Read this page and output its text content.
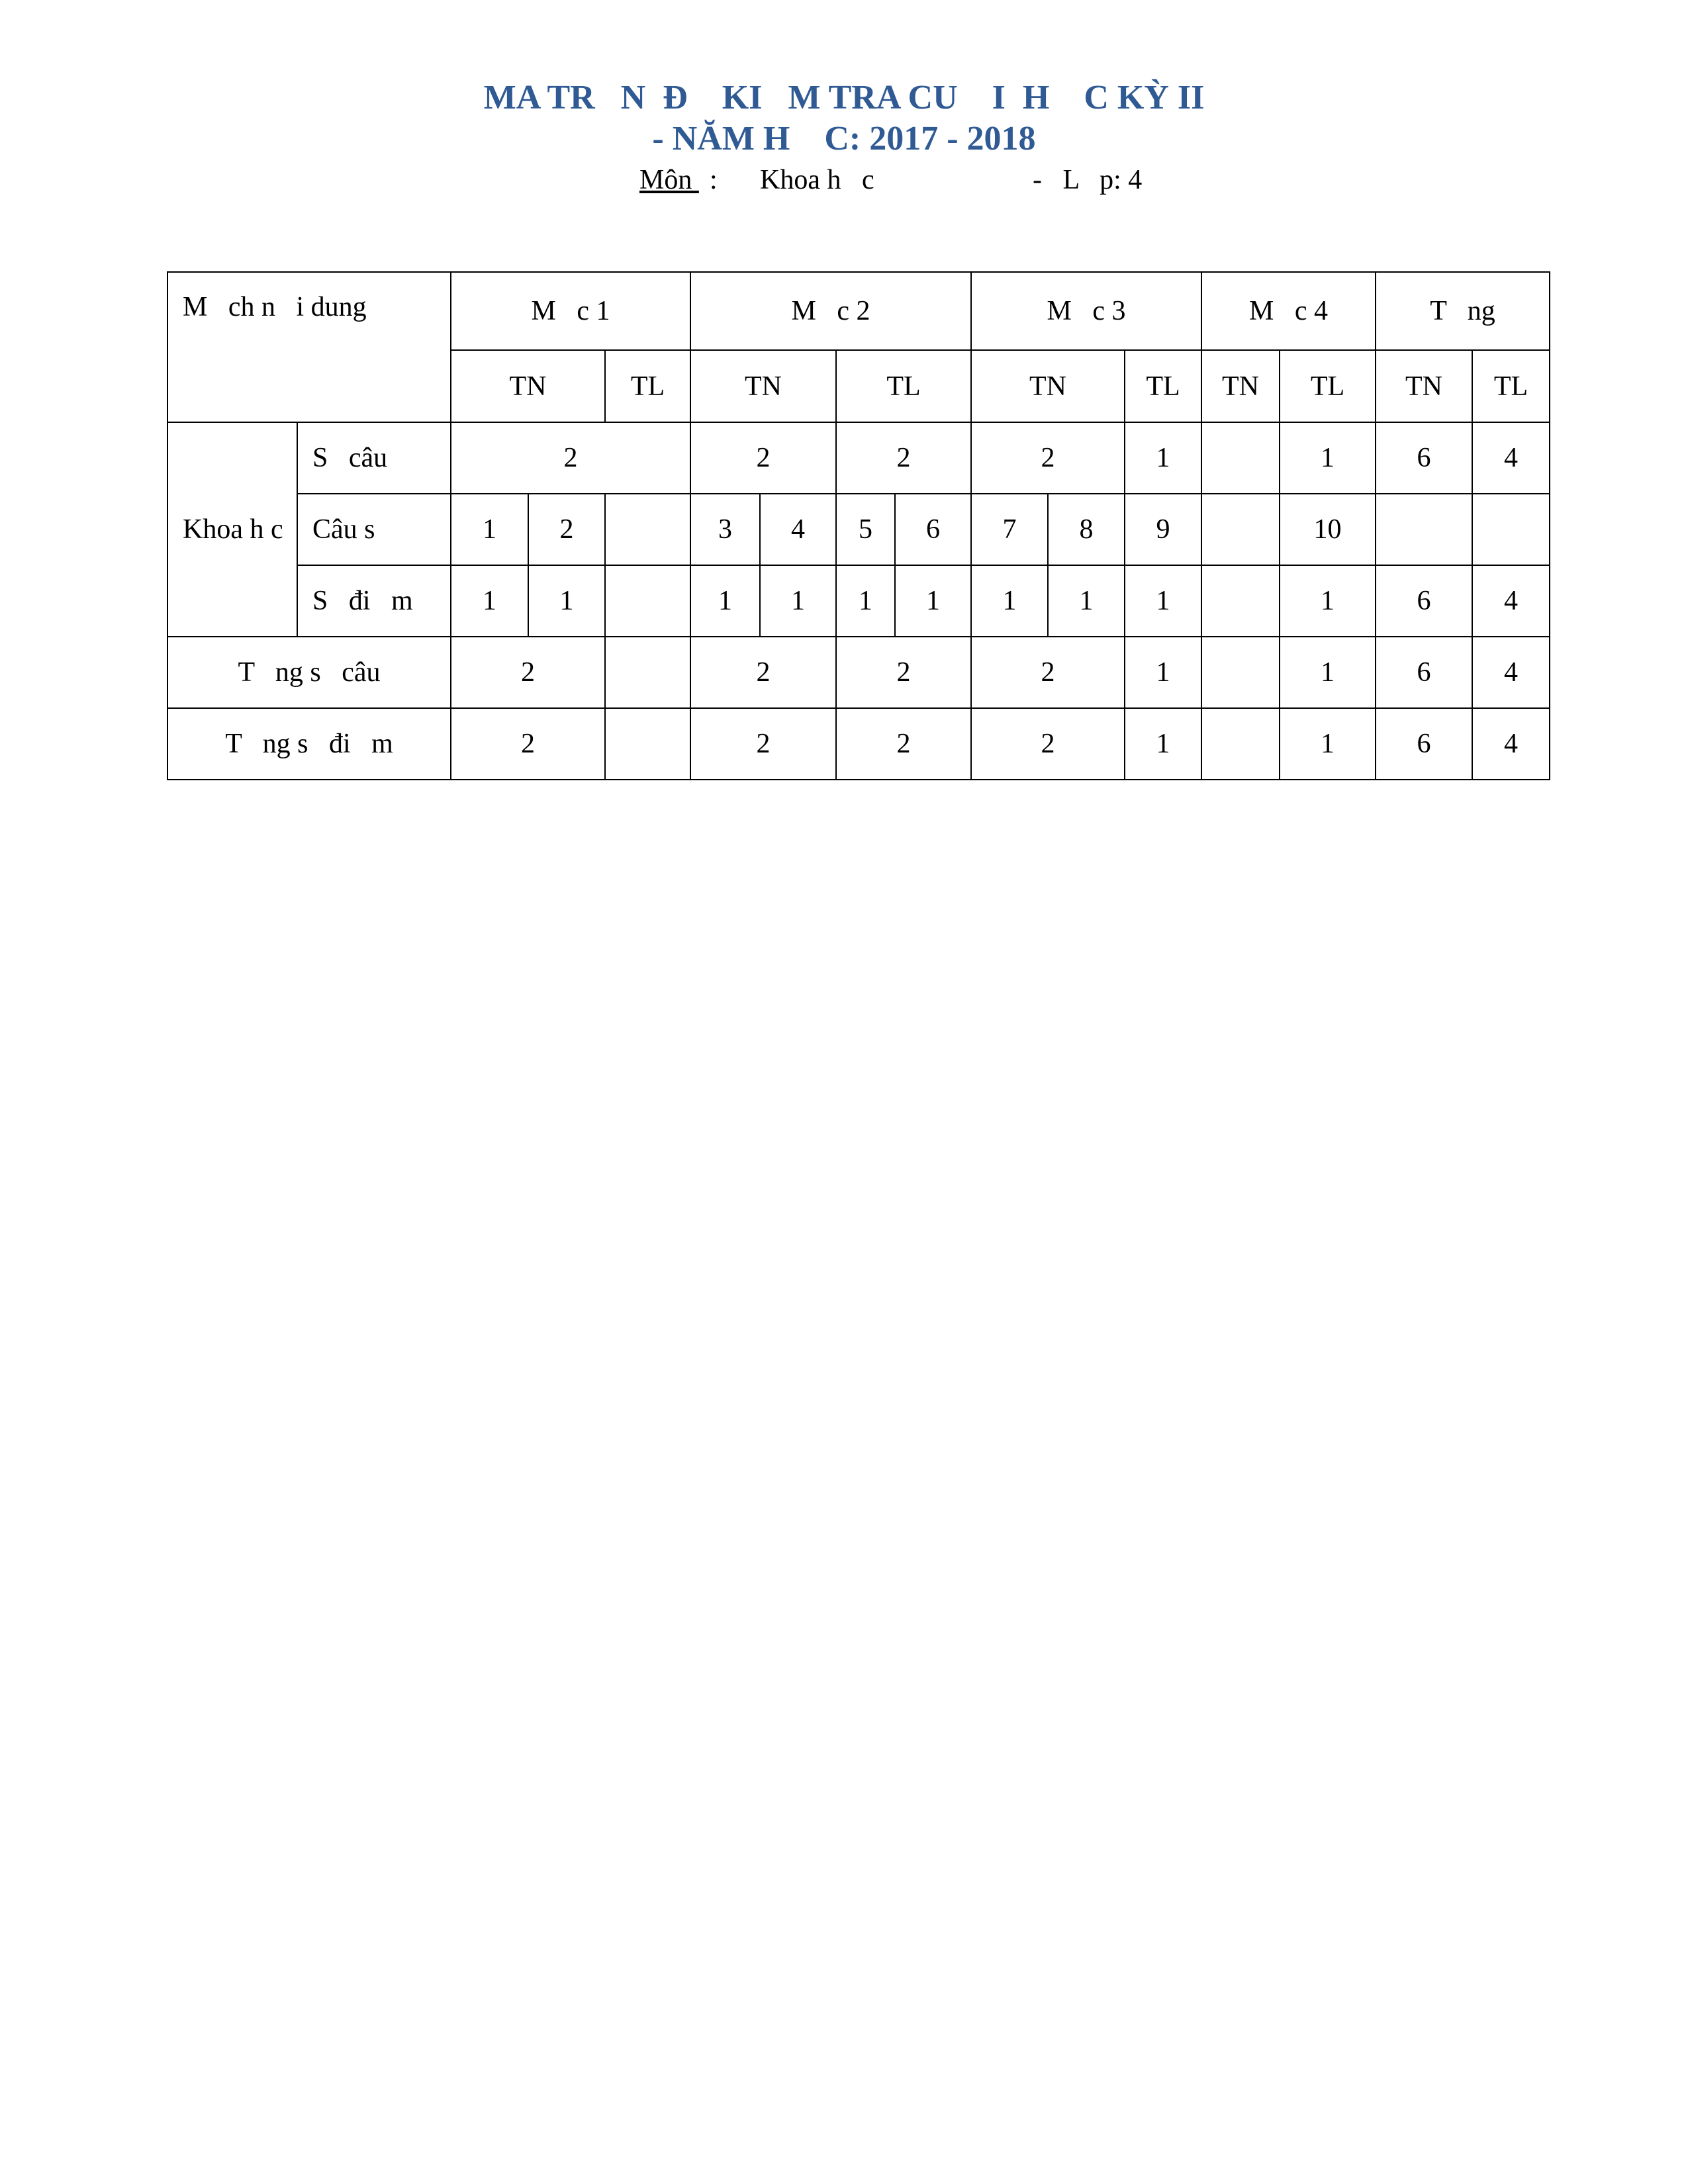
MA TR   N  Đ    KI   M TRA CU    I  H    C KỲ II
- NĂM H    C: 2017 - 2018
Môn : Khoa h   c	-   L   p: 4
M   ch n   i dung		M   c 1			M   c 2				M   c 3			M   c 4		T   ng	
		TN		TL	TN		TL		TN		TL	TN	TL	TN	TL
Khoa h c	S   câu	2			2		2		2		1		1	6	4
	Câu s	1	2		3	4	5	6	7	8	9		10		
	S   đi   m	1	1		1	1	1	1	1	1	1		1	6	4
T   ng s   câu		2			2		2		2		1		1	6	4
T   ng s   đi   m		2			2		2		2		1		1	6	4
